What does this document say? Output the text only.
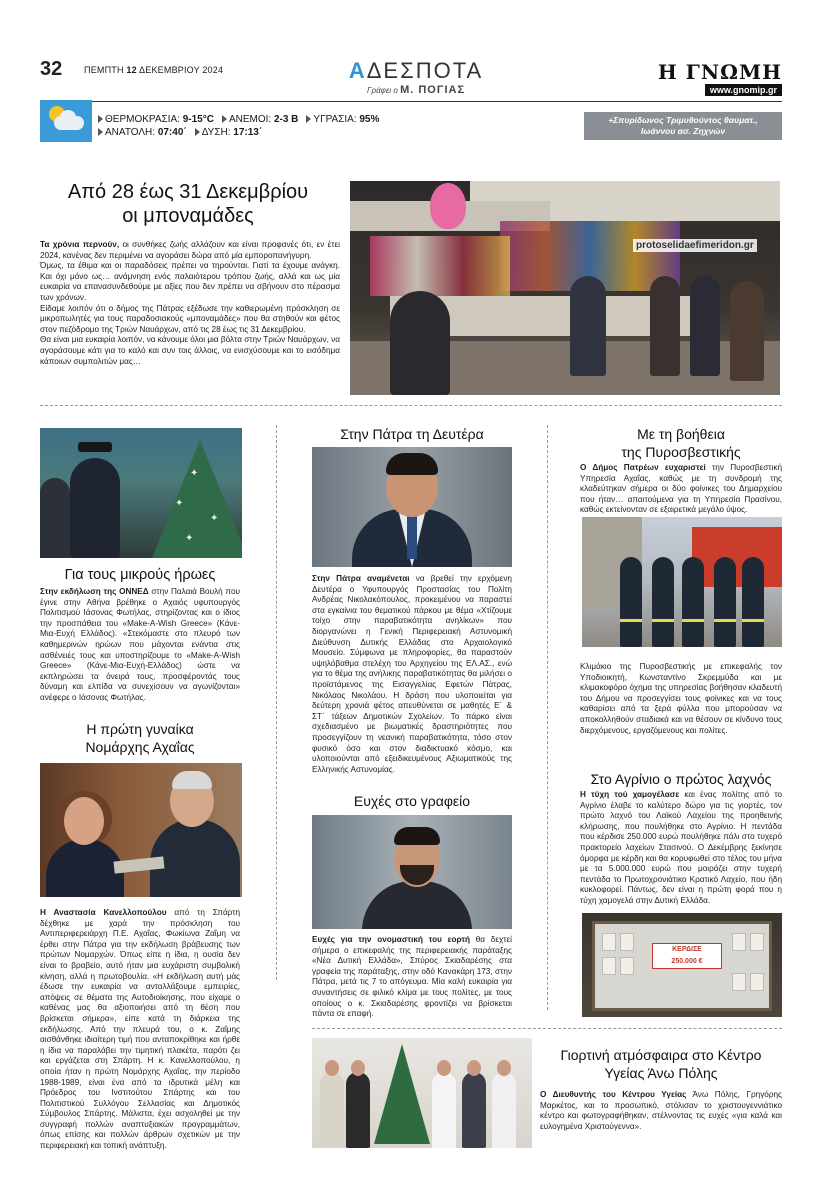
32 ΠΕΜΠΤΗ 12 ΔΕΚΕΜΒΡΙΟΥ 2024	ΑΔΕΣΠΟΤΑ
Γράφει ο Μ. ΠΟΓΙΑΣ
Η ΓΝΩΜΗ
www.gnomip.gr
ΘΕΡΜΟΚΡΑΣΙΑ: 9-15°C ΑΝΕΜΟΙ: 2-3 Β ΥΓΡΑΣΙΑ: 95%
ΑΝΑΤΟΛΗ: 07:40΄ ΔΥΣΗ: 17:13΄
+Σπυρίδωνος Τριμυθούντος θαυματ.,
Ιωάννου ασ. Ζηχνών
Από 28 έως 31 Δεκεμβρίου
οι μποναμάδες

Τα χρόνια περνούν, οι συνθήκες ζωής αλλάζουν και είναι προφανές ότι, εν έτει 2024, κανένας δεν περιμένει να αγοράσει δώρα από μία εμποροπανήγυρη.

Όμως, τα έθιμα και οι παραδόσεις πρέπει να τηρούνται. Γιατί τα έχουμε ανάγκη. Και όχι μόνο ως… ανάμνηση ενός παλαιότερου τρόπου ζωής, αλλά και ως μία ευκαιρία να επανασυνδεθούμε με αξίες που δεν πρέπει να σβήνουν στο πέρασμα των χρόνων.

Είδαμε λοιπόν ότι ο δήμος της Πάτρας εξέδωσε την καθιερωμένη πρόσκληση σε μικροπωλητές για τους παραδοσιακούς «μποναμάδες» που θα στηθούν και φέτος στον πεζόδρομο της Τριών Ναυάρχων, από τις 28 έως τις 31 Δεκεμβρίου.

Θα είναι μια ευκαιρία λοιπόν, να κάνουμε όλοι μια βόλτα στην Τριών Ναυάρχων, να αγοράσουμε κάτι για το καλό και συν τοις άλλοις, να ενισχύσουμε και το εισόδημα κάποιων συμπολιτών μας…

protoselidaefimeridon.gr
✦
✦
✦
✦
Για τους μικρούς ήρωες
Στην εκδήλωση της ΟΝΝΕΔ στην Παλαιά Βουλή που έγινε στην Αθήνα βρέθηκε ο Αχαιός υφυπουργός Πολιτισμού Ιάσονας Φωτήλας, στηρίζοντας και ο ίδιος την προσπάθεια του «Make-A-Wish Greece» (Κάνε-Μια-Ευχή Ελλάδος). «Στεκόμαστε στο πλευρό των καθημερινών ηρώων που μάχονται ενάντια στις ασθένειές τους και υποστηρίζουμε το «Make-A-Wish Greece» (Κάνε-Μια-Ευχή-Ελλάδος) ώστε να εκπληρώσει τα όνειρά τους, προσφέροντάς τους δύναμη και ελπίδα να συνεχίσουν να αγωνίζονται» ανέφερε ο Ιάσονας Φωτήλας.
Η πρώτη γυναίκα
Νομάρχης Αχαΐας
Η Αναστασία Κανελλοπούλου από τη Σπάρτη δέχθηκε με χαρά την πρόσκληση του Αντιπεριφερειάρχη Π.Ε. Αχαΐας, Φωκίωνα Ζαΐμη να έρθει στην Πάτρα για την εκδήλωση βράβευσης των πρώτων Νομαρχών. Όπως είπε η ίδια, η ουσία δεν είναι το βραβείο, αυτό ήταν μια ευχάριστη συμβολική κίνηση, αλλά η πρωτοβουλία. «Η εκδήλωση αυτή μάς έδωσε την ευκαιρία να ανταλλάξουμε εμπειρίες, απόψεις σε θέματα της Αυτοδιοίκησης, που είχαμε ο καθένας μας θα αξιοποιήσει από τη θέση που βρίσκεται σήμερα», είπε κατά τη διάρκεια της εκδήλωσης. Από την πλευρά του, ο κ. Ζαΐμης αισθάνθηκε ιδιαίτερη τιμή που ανταποκρίθηκε και ήρθε η ίδια να παραλάβει την τιμητική πλακέτα, παρότι ζει και εργάζεται στη Σπάρτη. Η κ. Κανελλοπούλου, η οποία ήταν η πρώτη Νομάρχης Αχαΐας, την περίοδο 1988-1989, είναι ένα από τα ιδρυτικά μέλη και Πρόεδρος του Ινστιτούτου Σπάρτης και του Πολιτιστικού Συλλόγου Σελλασίας και Δημοτικός Σύμβουλος Σπάρτης. Μάλιστα, έχει ασχοληθεί με την συγγραφή πολλών αναπτυξιακών προγραμμάτων, όπως επίσης και πολλών άρθρων σχετικών με την περιφερειακή και τοπική ανάπτυξη.
Στην Πάτρα τη Δευτέρα
Στην Πάτρα αναμένεται να βρεθεί την ερχόμενη Δευτέρα ο Υφυπουργός Προστασίας του Πολίτη Ανδρέας Νικολακόπουλος, προκειμένου να παραστεί στα εγκαίνια του θεματικού πάρκου με θέμα «Χτίζουμε τοίχο στην παραβατικότητα ανηλίκων» που διοργανώνει η Γενική Περιφερειακή Αστυνομική Διεύθυνση Δυτικής Ελλάδας στο Αρχαιολογικό Μουσείο. Σύμφωνα με πληροφορίες, θα παραστούν υψηλόβαθμα στελέχη του Αρχηγείου της ΕΛ.ΑΣ., ενώ για το θέμα της ανήλικης παραβατικότητας θα μιλήσει ο προϊστάμενος της Εισαγγελίας Εφετών Πάτρας, Νικόλαος Νικολάου. Η δράση που υλοποιείται για δεύτερη χρονιά φέτος απευθύνεται σε μαθητές Ε΄ & ΣΤ΄ τάξεων Δημοτικών Σχολείων. Το πάρκο είναι σχεδιασμένο με βιωματικές δραστηριότητες που προσεγγίζουν τη νεανική παραβατικότητα, τόσο στον φυσικό όσο και στον διαδικτυακό κόσμο, και υλοποιούνται από εξειδικευμένους Αξιωματικούς της Ελληνικής Αστυνομίας.
Ευχές στο γραφείο
Ευχές για την ονομαστική του εορτή θα δεχτεί σήμερα ο επικεφαλής της περιφερειακής παράταξης «Νέα Δυτική Ελλάδα», Σπύρος Σκιαδαρέσης στα γραφεία της παράταξης, στην οδό Κανακάρη 173, στην Πάτρα, μετά τις 7 το απόγευμα. Μία καλή ευκαιρία για συναντήσεις σε φιλικό κλίμα με τους πολίτες, με τους οποίους ο κ. Σκιαδαρέσης φροντίζει να βρίσκεται πάντα σε επαφή.
Με τη βοήθεια
της Πυροσβεστικής
Ο Δήμος Πατρέων ευχαριστεί την Πυροσβεστική Υπηρεσία Αχαΐας, καθώς με τη συνδρομή της κλαδεύτηκαν σήμερα οι δύο φοίνικες του Δημαρχείου που ήταν… απαιτούμενα για τη Υπηρεσία Πρασίνου, καθώς εκτείνονταν σε εξαιρετικά μεγάλο ύψος.
Κλιμάκιο της Πυροσβεστικής με επικεφαλής τον Υποδιοικητή, Κωνσταντίνο Σκρεμμύδα και με κλιμακοφόρο όχημα της υπηρεσίας βοήθησαν κλαδευτή του Δήμου να προσεγγίσει τους φοίνικες και να τους καθαρίσει από τα ξερά φύλλα που μπορούσαν να αποκολληθούν σταδιακά και να θέσουν σε κίνδυνο τους διερχόμενους, εργαζόμενους και πολίτες.
Στο Αγρίνιο ο πρώτος λαχνός
Η τύχη τού χαμογέλασε και ένας πολίτης από το Αγρίνιο έλαβε το καλύτερο δώρο για τις γιορτές, τον πρώτο λαχνό του Λαϊκού Λαχείου της προηθεινής κλήρωσης, που πουλήθηκε στο Αγρίνιο. Η πεντάδα που κέρδισε 250.000 ευρώ πουλήθηκε πάλι στο τυχερό πρακτορείο λαχείων Στασινού. Ο Δεκέμβρης ξεκίνησε όμορφα με κέρδη και θα κορυφωθεί στο τέλος του μήνα με τα 5.000.000 ευρώ που μοιράζει στην τυχερή πεντάδα το Πρωτοχρονιάτικο Κρατικό Λαχείο, που ήδη κυκλοφορεί. Πάντως, δεν είναι η πρώτη φορά που η τύχη χαμογελά στην Δυτική Ελλάδα.
ΚΕΡΔΙΣΕ
250.000 €
Γιορτινή ατμόσφαιρα στο Κέντρο
Υγείας Άνω Πόλης
Ο Διευθυντής του Κέντρου Υγείας Άνω Πόλης, Γρηγόρης Μαρκέτος, και το προσωπικό, στόλισαν το χριστουγεννιάτικο κέντρο και φωτογραφήθηκαν, στέλνοντας τις ευχές «για καλά και ευλογημένα Χριστούγεννα».
